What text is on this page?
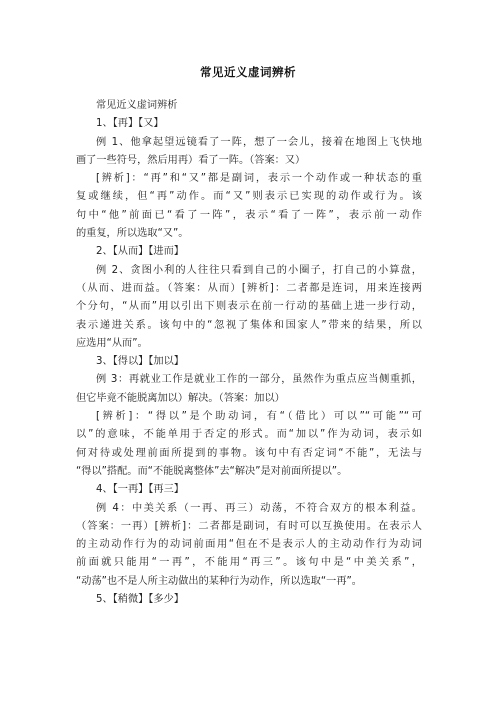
常见近义虚词辨析
常见近义虚词辨析
1、【再】【又】
例 1、他拿起望远镜看了一阵，想了一会儿，接着在地图上飞快地
画了一些符号，然后用再）看了一阵。（答案：又）
[辨析]：“再”和“又”都是副词，表示一个动作或一种状态的重
复或继续，但“再”动作。而“又”则表示已实现的动作或行为。该
句中“他”前面已“看了一阵”，表示“看了一阵”，表示前一动作
的重复，所以选取“又”。
2、【从而】【进而】
例 2、贪图小利的人往往只看到自己的小圈子，打自己的小算盘，
（从而、进而益。（答案：从而）[辨析]：二者都是连词，用来连接两
个分句，“从而”用以引出下则表示在前一行动的基础上进一步行动，
表示递进关系。该句中的“忽视了集体和国家人”带来的结果，所以
应选用“从而”。
3、【得以】【加以】
例 3：再就业工作是就业工作的一部分，虽然作为重点应当侧重抓，
但它毕竟不能脱离加以）解决。（答案：加以）
[辨析]：“得以”是个助动词，有“（借比）可以”“可能”“可
以”的意味，不能单用于否定的形式。而“加以”作为动词，表示如
何对待或处理前面所提到的事物。该句中有否定词“不能”，无法与
“得以”搭配。而“不能脱离整体”去“解决”是对前面所提以”。
4、【一再】【再三】
例 4：中美关系（一再、再三）动荡，不符合双方的根本利益。
（答案：一再）[辨析]：二者都是副词，有时可以互换使用。在表示人
的主动动作行为的动词前面用“但在不是表示人的主动动作行为动词
前面就只能用“一再”，不能用“再三”。该句中是“中美关系”，
“动荡”也不是人所主动做出的某种行为动作，所以选取“一再”。
5、【稍微】【多少】
